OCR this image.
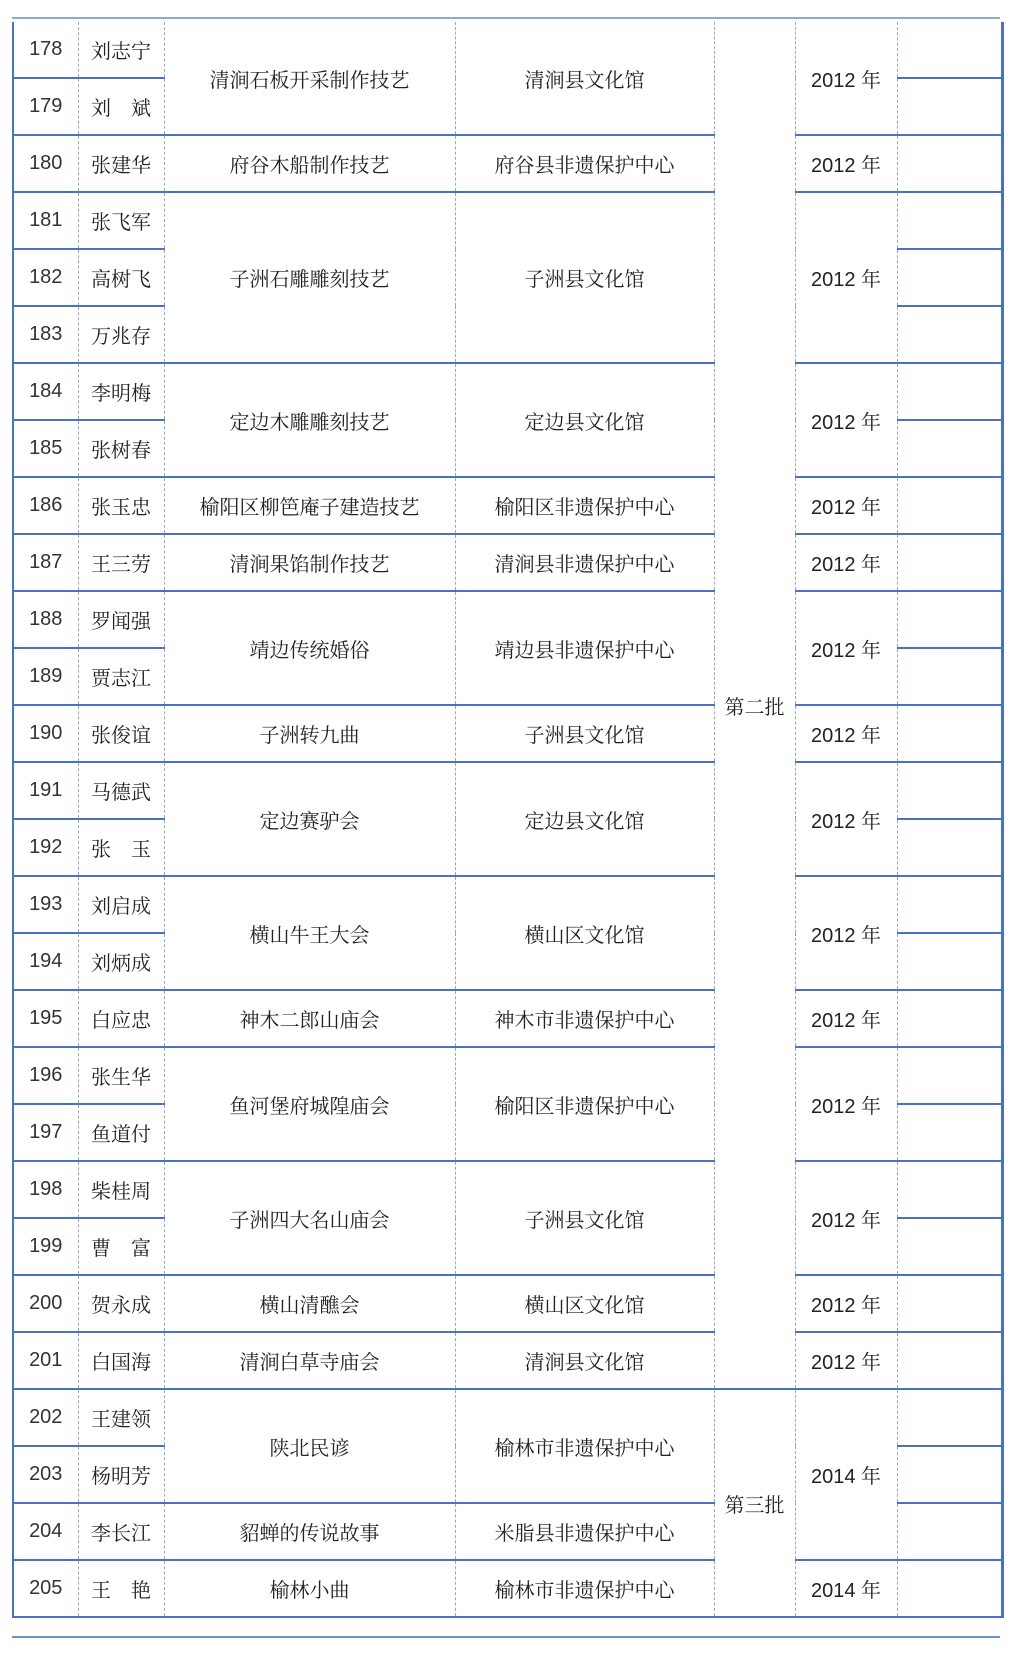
178	刘志宁	清涧石板开采制作技艺	清涧县文化馆	第二批	2012 年	
179	刘　斌					
180	张建华	府谷木船制作技艺	府谷县非遗保护中心		2012 年	
181	张飞军	子洲石雕雕刻技艺	子洲县文化馆		2012 年	
182	高树飞					
183	万兆存					
184	李明梅	定边木雕雕刻技艺	定边县文化馆		2012 年	
185	张树春					
186	张玉忠	榆阳区柳笆庵子建造技艺	榆阳区非遗保护中心		2012 年	
187	王三劳	清涧果馅制作技艺	清涧县非遗保护中心		2012 年	
188	罗闻强	靖边传统婚俗	靖边县非遗保护中心		2012 年	
189	贾志江					
190	张俊谊	子洲转九曲	子洲县文化馆		2012 年	
191	马德武	定边赛驴会	定边县文化馆		2012 年	
192	张　玉					
193	刘启成	横山牛王大会	横山区文化馆		2012 年	
194	刘炳成					
195	白应忠	神木二郎山庙会	神木市非遗保护中心		2012 年	
196	张生华	鱼河堡府城隍庙会	榆阳区非遗保护中心		2012 年	
197	鱼道付					
198	柴桂周	子洲四大名山庙会	子洲县文化馆		2012 年	
199	曹　富					
200	贺永成	横山清醮会	横山区文化馆		2012 年	
201	白国海	清涧白草寺庙会	清涧县文化馆		2012 年	
202	王建领	陕北民谚	榆林市非遗保护中心	第三批	2014 年	
203	杨明芳					
204	李长江	貂蝉的传说故事	米脂县非遗保护中心			
205	王　艳	榆林小曲	榆林市非遗保护中心		2014 年	
